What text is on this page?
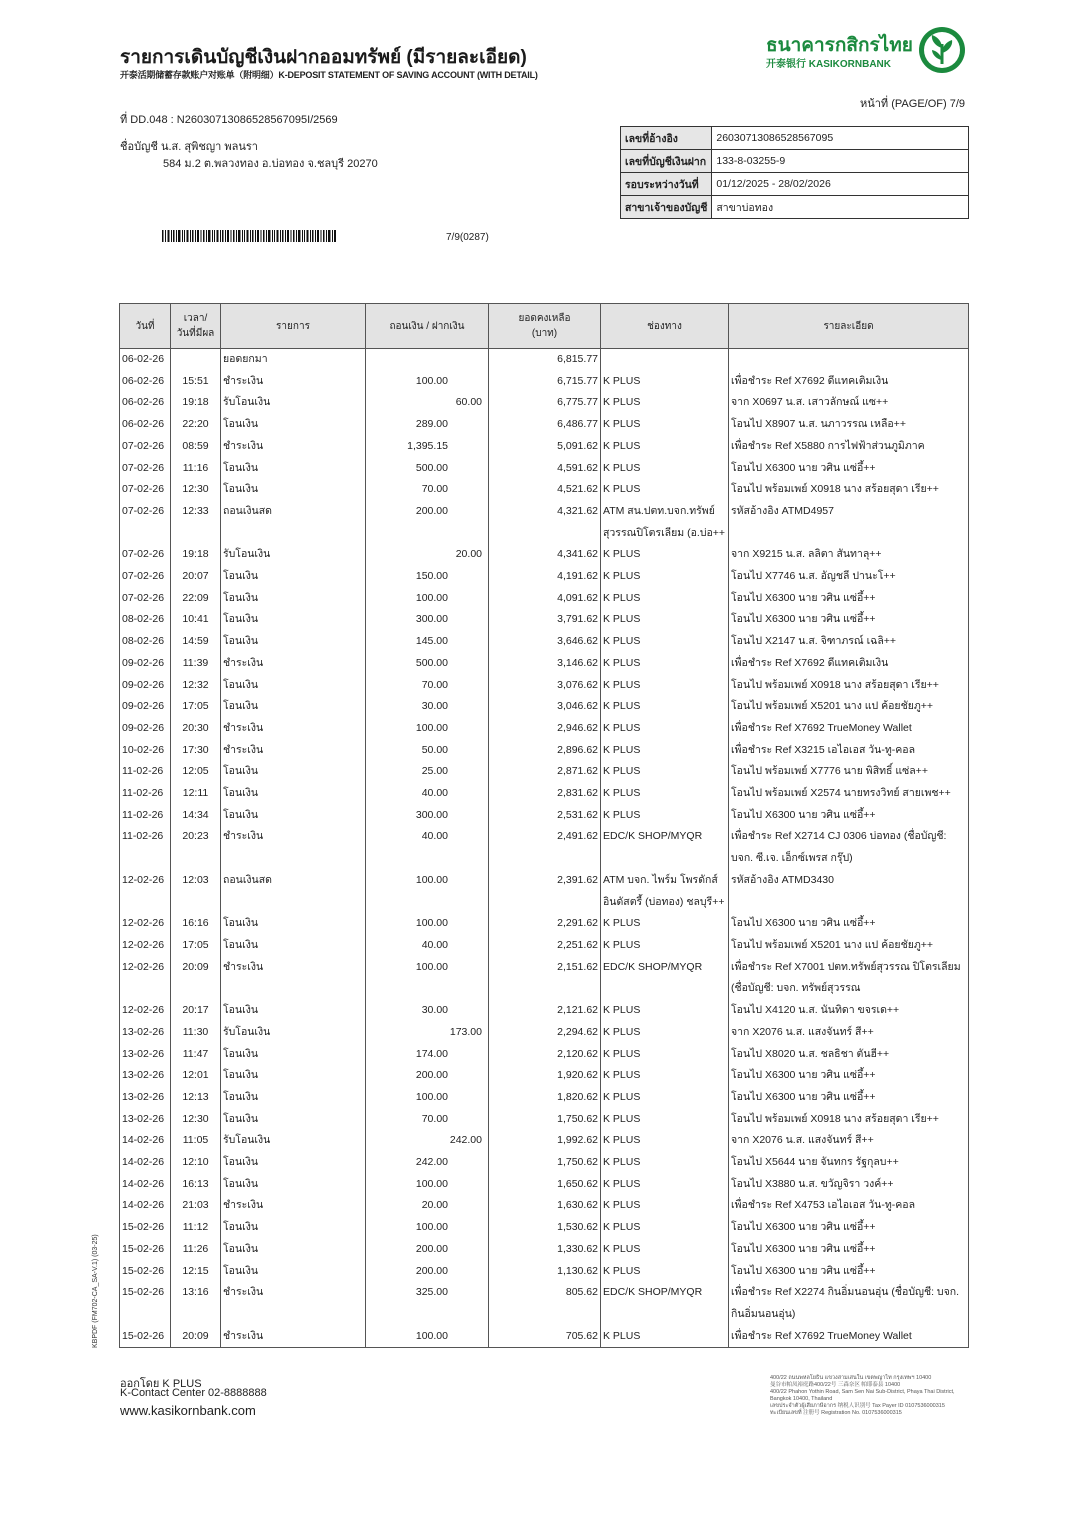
รายการเดินบัญชีเงินฝากออมทรัพย์ (มีรายละเอียด)
开泰活期储蓄存款账户对账单（附明细）K-DEPOSIT STATEMENT OF SAVING ACCOUNT (WITH DETAIL)
ธนาคารกสิกรไทย
开泰银行 KASIKORNBANK
หน้าที่ (PAGE/OF) 7/9
ที่ DD.048 : N2603071308652856709​5I/2569
ชื่อบัญชี น.ส. สุพิชญา พลนรา
584 ม.2 ต.พลวงทอง อ.บ่อทอง จ.ชลบุรี 20270
7/9(0287)
เลขที่อ้างอิง	260307130865285670​95
เลขที่บัญชีเงินฝาก	133-8-03255-9
รอบระหว่างวันที่	01/12/2025 - 28/02/2026
สาขาเจ้าของบัญชี	สาขาบ่อทอง
วันที่	เวลา/
วันที่มีผล	รายการ	ถอนเงิน / ฝากเงิน	ยอดคงเหลือ
(บาท)	ช่องทาง	รายละเอียด
06-02-26		ยอดยกมา		6,815.77		
06-02-26	15:51	ชำระเงิน	100.00	6,715.77	K PLUS	เพื่อชำระ Ref X7692 ดีแทคเติมเงิน
06-02-26	19:18	รับโอนเงิน	60.00	6,775.77	K PLUS	จาก X0697 น.ส. เสาวลักษณ์ แซ++
06-02-26	22:20	โอนเงิน	289.00	6,486.77	K PLUS	โอนไป X8907 น.ส. นภาวรรณ เหลือ++
07-02-26	08:59	ชำระเงิน	1,395.15	5,091.62	K PLUS	เพื่อชำระ Ref X5880 การไฟฟ้าส่วนภูมิภาค
07-02-26	11:16	โอนเงิน	500.00	4,591.62	K PLUS	โอนไป X6300 นาย วศิน แซ่อึ้++
07-02-26	12:30	โอนเงิน	70.00	4,521.62	K PLUS	โอนไป พร้อมเพย์ X0918 นาง สร้อยสุดา เรีย++
07-02-26	12:33	ถอนเงินสด	200.00	4,321.62	ATM สน.ปตท.บจก.ทรัพย์สุวรรณปิโตรเลียม (อ.บ่อ++	รหัสอ้างอิง ATMD4957
07-02-26	19:18	รับโอนเงิน	20.00	4,341.62	K PLUS	จาก X9215 น.ส. ลลิตา สันทาลุ++
07-02-26	20:07	โอนเงิน	150.00	4,191.62	K PLUS	โอนไป X7746 น.ส. อัญชลี ปานะโ++
07-02-26	22:09	โอนเงิน	100.00	4,091.62	K PLUS	โอนไป X6300 นาย วศิน แซ่อึ้++
08-02-26	10:41	โอนเงิน	300.00	3,791.62	K PLUS	โอนไป X6300 นาย วศิน แซ่อึ้++
08-02-26	14:59	โอนเงิน	145.00	3,646.62	K PLUS	โอนไป X2147 น.ส. จิฑาภรณ์ เฉลิ++
09-02-26	11:39	ชำระเงิน	500.00	3,146.62	K PLUS	เพื่อชำระ Ref X7692 ดีแทคเติมเงิน
09-02-26	12:32	โอนเงิน	70.00	3,076.62	K PLUS	โอนไป พร้อมเพย์ X0918 นาง สร้อยสุดา เรีย++
09-02-26	17:05	โอนเงิน	30.00	3,046.62	K PLUS	โอนไป พร้อมเพย์ X5201 นาง แป ค้อยชัยภู++
09-02-26	20:30	ชำระเงิน	100.00	2,946.62	K PLUS	เพื่อชำระ Ref X7692 TrueMoney Wallet
10-02-26	17:30	ชำระเงิน	50.00	2,896.62	K PLUS	เพื่อชำระ Ref X3215 เอไอเอส วัน-ทู-คอล
11-02-26	12:05	โอนเงิน	25.00	2,871.62	K PLUS	โอนไป พร้อมเพย์ X7776 นาย พิสิทธิ์ แซ่ล++
11-02-26	12:11	โอนเงิน	40.00	2,831.62	K PLUS	โอนไป พร้อมเพย์ X2574 นายทรงวิทย์ สายเพช++
11-02-26	14:34	โอนเงิน	300.00	2,531.62	K PLUS	โอนไป X6300 นาย วศิน แซ่อึ้++
11-02-26	20:23	ชำระเงิน	40.00	2,491.62	EDC/K SHOP/MYQR	เพื่อชำระ Ref X2714 CJ 0306 บ่อทอง (ชื่อบัญชี: บจก. ซี.เจ. เอ็กซ์เพรส กรุ๊ป)
12-02-26	12:03	ถอนเงินสด	100.00	2,391.62	ATM บจก. ไพร์ม โพรดักส์ อินดัสตรี้ (บ่อทอง) ชลบุรี++	รหัสอ้างอิง ATMD3430
12-02-26	16:16	โอนเงิน	100.00	2,291.62	K PLUS	โอนไป X6300 นาย วศิน แซ่อึ้++
12-02-26	17:05	โอนเงิน	40.00	2,251.62	K PLUS	โอนไป พร้อมเพย์ X5201 นาง แป ค้อยชัยภู++
12-02-26	20:09	ชำระเงิน	100.00	2,151.62	EDC/K SHOP/MYQR	เพื่อชำระ Ref X7001 ปตท.ทรัพย์สุวรรณ ปิโตรเลียม (ชื่อบัญชี: บจก. ทรัพย์สุวรรณ
12-02-26	20:17	โอนเงิน	30.00	2,121.62	K PLUS	โอนไป X4120 น.ส. นันทิดา ขจรเด++
13-02-26	11:30	รับโอนเงิน	173.00	2,294.62	K PLUS	จาก X2076 น.ส. แสงจันทร์ สี++
13-02-26	11:47	โอนเงิน	174.00	2,120.62	K PLUS	โอนไป X8020 น.ส. ชลธิชา ตันฮี++
13-02-26	12:01	โอนเงิน	200.00	1,920.62	K PLUS	โอนไป X6300 นาย วศิน แซ่อึ้++
13-02-26	12:13	โอนเงิน	100.00	1,820.62	K PLUS	โอนไป X6300 นาย วศิน แซ่อึ้++
13-02-26	12:30	โอนเงิน	70.00	1,750.62	K PLUS	โอนไป พร้อมเพย์ X0918 นาง สร้อยสุดา เรีย++
14-02-26	11:05	รับโอนเงิน	242.00	1,992.62	K PLUS	จาก X2076 น.ส. แสงจันทร์ สี++
14-02-26	12:10	โอนเงิน	242.00	1,750.62	K PLUS	โอนไป X5644 นาย จันทกร รัฐกุลบ++
14-02-26	16:13	โอนเงิน	100.00	1,650.62	K PLUS	โอนไป X3880 น.ส. ขวัญจิรา วงค์++
14-02-26	21:03	ชำระเงิน	20.00	1,630.62	K PLUS	เพื่อชำระ Ref X4753 เอไอเอส วัน-ทู-คอล
15-02-26	11:12	โอนเงิน	100.00	1,530.62	K PLUS	โอนไป X6300 นาย วศิน แซ่อึ้++
15-02-26	11:26	โอนเงิน	200.00	1,330.62	K PLUS	โอนไป X6300 นาย วศิน แซ่อึ้++
15-02-26	12:15	โอนเงิน	200.00	1,130.62	K PLUS	โอนไป X6300 นาย วศิน แซ่อึ้++
15-02-26	13:16	ชำระเงิน	325.00	805.62	EDC/K SHOP/MYQR	เพื่อชำระ Ref X2274 กินอิ่มนอนอุ่น (ชื่อบัญชี: บจก. กินอิ่มนอนอุ่น)
15-02-26	20:09	ชำระเงิน	100.00	705.62	K PLUS	เพื่อชำระ Ref X7692 TrueMoney Wallet
KBPDF (FM702-CA_SA-V.1) (03-25)
ออกโดย K PLUS
K-Contact Center 02-8888888
www.kasikornbank.com
400/22 ถนนพหลโยธิน แขวงสามเสนใน เขตพญาไท กรุงเทพฯ 10400
曼谷市帕凤裕庭路400/22号 三森奈区 帕耶泰县 10400
400/22 Phahon Yothin Road, Sam Sen Nai Sub-District, Phaya Thai District, Bangkok 10400, Thailand
เลขประจำตัวผู้เสียภาษีอากร 纳税人识别号 Tax Payer ID 0107536000315
ทะเบียนเลขที่ 注册号 Registration No. 0107536000315
